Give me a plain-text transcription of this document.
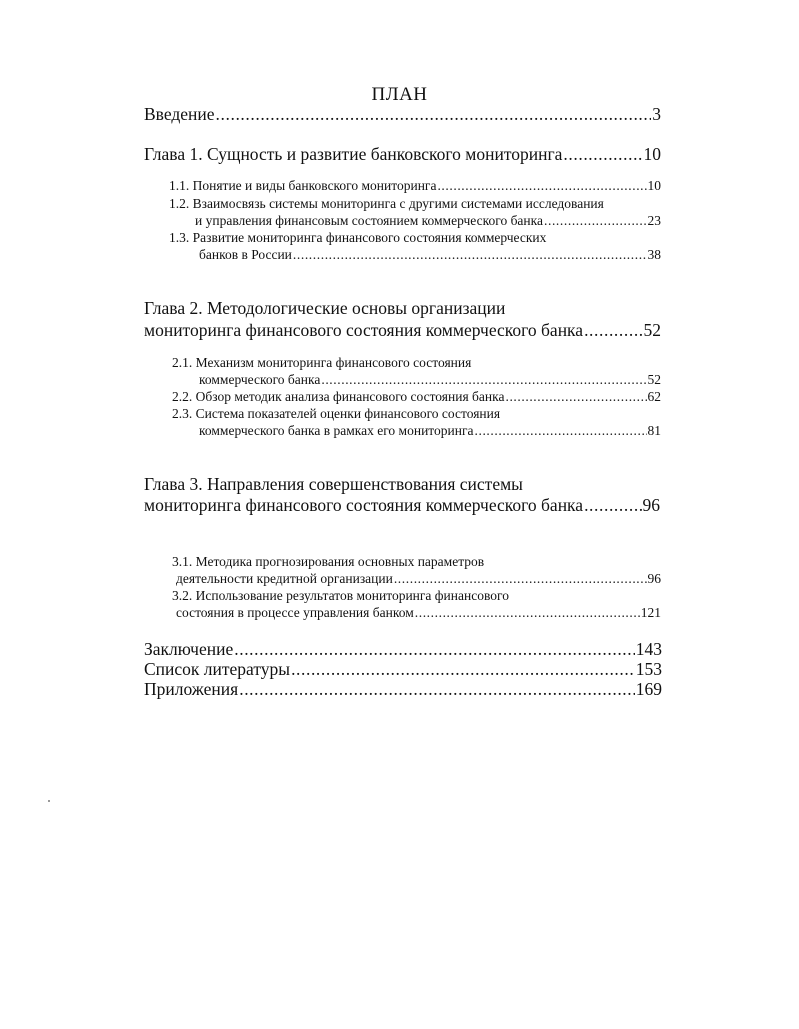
ПЛАН
Введение .....	3
Глава 1. Сущность и развитие банковского мониторинга .....	10
1.1. Понятие и виды банковского мониторинга .....	10
1.2. Взаимосвязь системы мониторинга с другими системами исследования
и управления финансовым состоянием коммерческого банка .....	23
1.3. Развитие мониторинга финансового состояния коммерческих
банков в России .....	38
Глава 2. Методологические основы организации
мониторинга финансового состояния коммерческого банка .....	52
2.1. Механизм мониторинга финансового состояния
коммерческого банка .....	52
2.2. Обзор методик анализа финансового состояния банка .....	62
2.3. Система показателей оценки финансового состояния
коммерческого банка в рамках его мониторинга .....	81
Глава 3. Направления совершенствования системы
мониторинга финансового состояния коммерческого банка .....	96
3.1. Методика прогнозирования основных параметров
деятельности кредитной организации .....	96
3.2. Использование результатов мониторинга финансового
состояния в процессе управления банком .....	121
Заключение .....	143
Список литературы .....	153
Приложения .....	169
